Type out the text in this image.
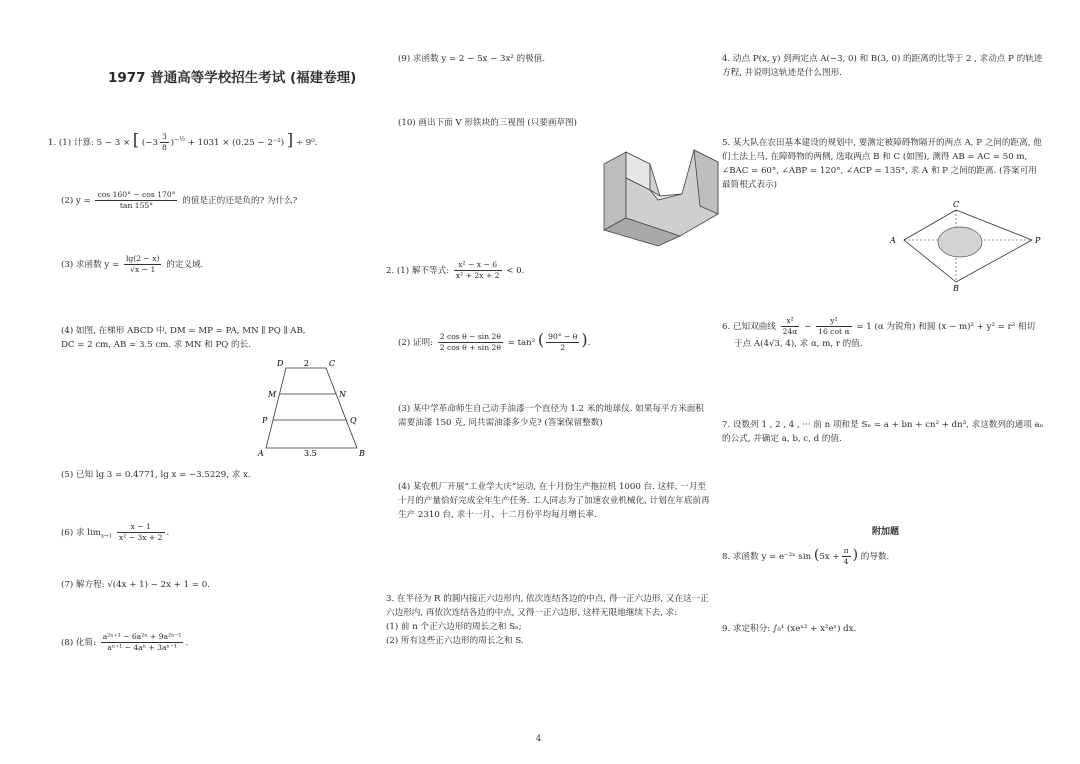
1977 普通高等学校招生考试 (福建卷理)
1. (1) 计算: 5 − 3 × [ $(-3 \frac{3}{8} )^{-\frac{1}{3}} + 1031 \times (0.25 - 2^{-2})$ ] ÷ 9⁰.
(2) $y = \frac{\cos 160^\circ - \cos 170^\circ}{\tan 155^\circ}$ 的值是正的还是负的? 为什么?
(3) 求函数 $y = \frac{\lg(2 - x)}{√x - 1}$ 的定义域.
(4) 如图, 在梯形 ABCD 中, DM = MP = PA, MN ∥ PQ ∥ AB,
DC = 2 cm, AB = 3.5 cm. 求 MN 和 PQ 的长.
D	C
2
M	N
P	Q
A	3.5	B
(5) 已知 lg 3 = 0.4771, lg x = −3.5229, 求 x.
(6) 求 $\lim_{x\to 1} \frac{x - 1}{\text{x² − 3x + 2}}$ .
(7) 解方程: √(4x + 1) − 2x + 1 = 0.
(8) 化简: $\frac{\text{a²ⁿ⁺¹ − 6a²ⁿ + 9a²ⁿ⁻¹}}{\text{aⁿ⁺¹ − 4aⁿ + 3aⁿ⁻¹}}$ .
(9) 求函数 y = 2 − 5x − 3x² 的极值.
(10) 画出下面 V 形铁块的三视图 (只要画草图)
2. (1) 解不等式: $\frac{\text{x² − x − 6}}{\text{x² + 2x + 2}} < 0$.
(2) 证明: $\frac{\text{2 cos θ − sin 2θ}}{\text{2 cos θ + sin 2θ}} = \tan^2$ ( $\frac{90^\circ - \theta}{2}$ ).
(3) 某中学革命师生自己动手油漆一个直径为 1.2 米的地球仪. 如果每平方米面积需要油漆 150 克, 问共需油漆多少克? (答案保留整数)
(4) 某农机厂开展“工业学大庆”运动, 在十月份生产拖拉机 1000 台. 这样, 一月至十月的产量恰好完成全年生产任务. 工人同志为了加速农业机械化, 计划在年底前再生产 2310 台, 求十一月、十二月份平均每月增长率.
3. 在半径为 R 的圆内接正六边形内, 依次连结各边的中点, 得一正六边形, 又在这一正六边形内, 再依次连结各边的中点, 又得一正六边形, 这样无限地继续下去, 求:
(1) 前 n 个正六边形的周长之和 Sₙ;
(2) 所有这些正六边形的周长之和 S.
4. 动点 P(x, y) 到两定点 A(−3, 0) 和 B(3, 0) 的距离的比等于 2 , 求动点 P 的轨迹方程, 并说明这轨迹是什么图形.
5. 某大队在农田基本建设的规划中, 要测定被障碍物隔开的两点 A, P 之间的距离, 他们土法上马, 在障碍物的两侧, 选取两点 B 和 C (如图), 测得 AB = AC = 50 m, ∠BAC = 60°, ∠ABP = 120°, ∠ACP = 135°, 求 A 和 P 之间的距离. (答案可用最简根式表示)
C
A	P
B
6. 已知双曲线 $\frac{\text{x²}}{24\alpha} - \frac{\text{y²}}{\text{16 cot α}} = 1$ (α 为锐角) 和圆 (x − m)² + y² = r² 相切
于点 A(4√3, 4), 求 α, m, r 的值.
7. 设数列 1 , 2 , 4 , ··· 前 n 项和是 Sₙ = a + bn + cn² + dn³, 求这数列的通项 aₙ 的公式, 并确定 a, b, c, d 的值.
附加题
8. 求函数 y = e⁻²ˣ $\sin (5x + \frac{\pi}{4}$ ) 的导数.
9. 求定积分: ∫₀¹ (xeˣ² + x²eˣ) dx.
4
